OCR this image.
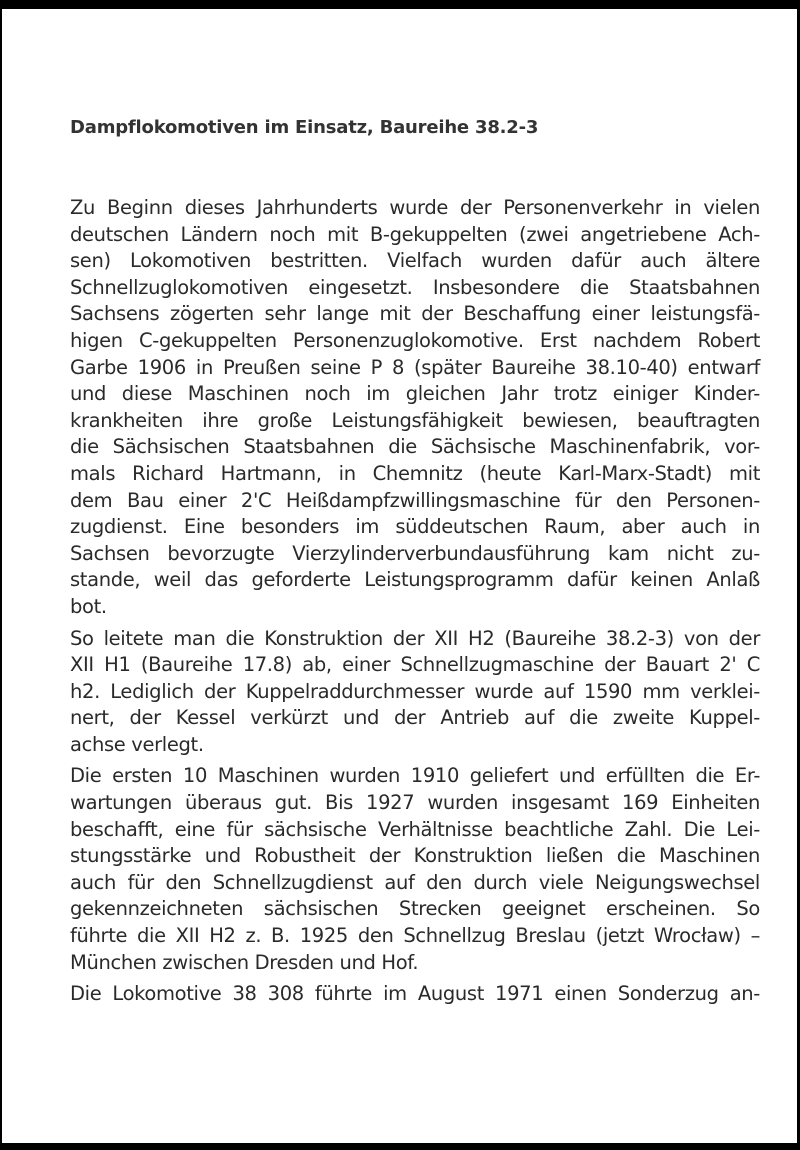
Dampflokomotiven im Einsatz, Baureihe 38.2-3

Zu Beginn dieses Jahrhunderts wurde der Personenverkehr in vielen
deutschen Ländern noch mit B-gekuppelten (zwei angetriebene Ach-
sen) Lokomotiven bestritten. Vielfach wurden dafür auch ältere
Schnellzuglokomotiven eingesetzt. Insbesondere die Staatsbahnen
Sachsens zögerten sehr lange mit der Beschaffung einer leistungsfä-
higen C-gekuppelten Personenzuglokomotive. Erst nachdem Robert
Garbe 1906 in Preußen seine P 8 (später Baureihe 38.10-40) entwarf
und diese Maschinen noch im gleichen Jahr trotz einiger Kinder-
krankheiten ihre große Leistungsfähigkeit bewiesen, beauftragten
die Sächsischen Staatsbahnen die Sächsische Maschinenfabrik, vor-
mals Richard Hartmann, in Chemnitz (heute Karl-Marx-Stadt) mit
dem Bau einer 2'C Heißdampfzwillingsmaschine für den Personen-
zugdienst. Eine besonders im süddeutschen Raum, aber auch in
Sachsen bevorzugte Vierzylinderverbundausführung kam nicht zu-
stande, weil das geforderte Leistungsprogramm dafür keinen Anlaß
bot.

So leitete man die Konstruktion der XII H2 (Baureihe 38.2-3) von der
XII H1 (Baureihe 17.8) ab, einer Schnellzugmaschine der Bauart 2' C
h2. Lediglich der Kuppelraddurchmesser wurde auf 1590 mm verklei-
nert, der Kessel verkürzt und der Antrieb auf die zweite Kuppel-
achse verlegt.

Die ersten 10 Maschinen wurden 1910 geliefert und erfüllten die Er-
wartungen überaus gut. Bis 1927 wurden insgesamt 169 Einheiten
beschafft, eine für sächsische Verhältnisse beachtliche Zahl. Die Lei-
stungsstärke und Robustheit der Konstruktion ließen die Maschinen
auch für den Schnellzugdienst auf den durch viele Neigungswechsel
gekennzeichneten sächsischen Strecken geeignet erscheinen. So
führte die XII H2 z. B. 1925 den Schnellzug Breslau (jetzt Wrocław) –
München zwischen Dresden und Hof.

Die Lokomotive 38 308 führte im August 1971 einen Sonderzug an-
